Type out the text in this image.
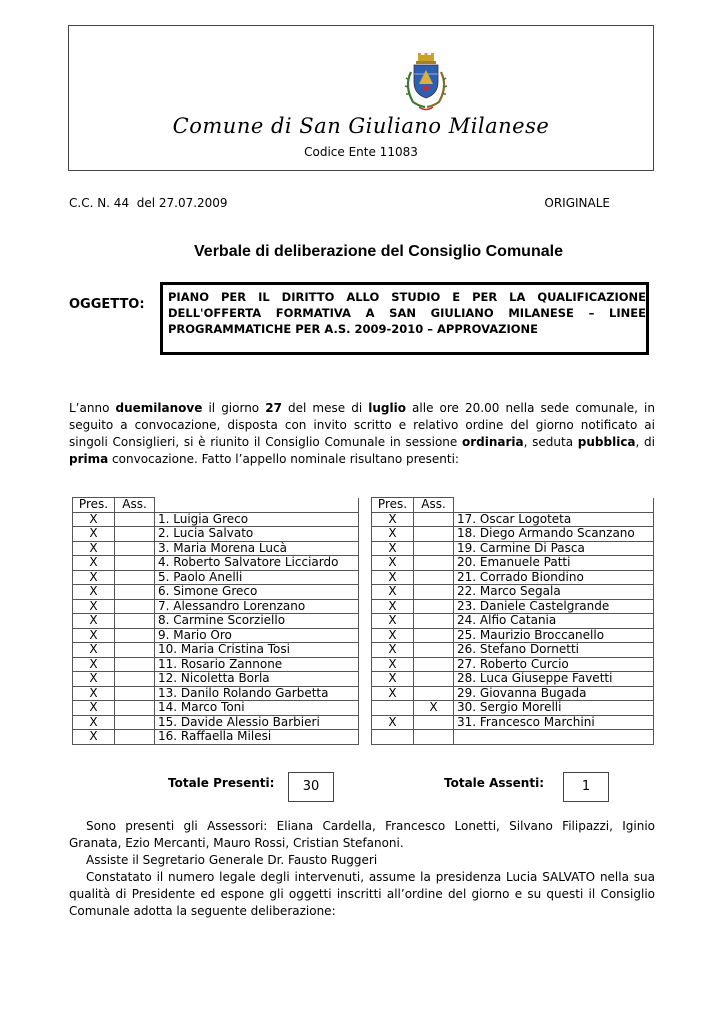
Comune di San Giuliano Milanese
Codice Ente 11083
C.C. N. 44  del 27.07.2009	ORIGINALE
Verbale di deliberazione del Consiglio Comunale
OGGETTO: PIANO PER IL DIRITTO ALLO STUDIO E PER LA QUALIFICAZIONE DELL'OFFERTA FORMATIVA A SAN GIULIANO MILANESE – LINEE PROGRAMMATICHE PER A.S. 2009-2010 – APPROVAZIONE
L’anno duemilanove il giorno 27 del mese di luglio alle ore 20.00 nella sede comunale, in seguito a convocazione, disposta con invito scritto e relativo ordine del giorno notificato ai singoli Consiglieri, si è riunito il Consiglio Comunale in sessione ordinaria, seduta pubblica, di prima convocazione. Fatto l’appello nominale risultano presenti:
Pres.	Ass.	
X		1. Luigia Greco
X		2. Lucia Salvato
X		3. Maria Morena Lucà
X		4. Roberto Salvatore Licciardo
X		5. Paolo Anelli
X		6. Simone Greco
X		7. Alessandro Lorenzano
X		8. Carmine Scorziello
X		9. Mario Oro
X		10. Maria Cristina Tosi
X		11. Rosario Zannone
X		12. Nicoletta Borla
X		13. Danilo Rolando Garbetta
X		14. Marco Toni
X		15. Davide Alessio Barbieri
X		16. Raffaella Milesi
Pres.	Ass.	
X		17. Oscar Logoteta
X		18. Diego Armando Scanzano
X		19. Carmine Di Pasca
X		20. Emanuele Patti
X		21. Corrado Biondino
X		22. Marco Segala
X		23. Daniele Castelgrande
X		24. Alfio Catania
X		25. Maurizio Broccanello
X		26. Stefano Dornetti
X		27. Roberto Curcio
X		28. Luca Giuseppe Favetti
X		29. Giovanna Bugada
	X	30. Sergio Morelli
X		31. Francesco Marchini

Totale Presenti:	30	Totale Assenti:	1

Sono presenti gli Assessori: Eliana Cardella, Francesco Lonetti, Silvano Filipazzi, Iginio Granata, Ezio Mercanti, Mauro Rossi, Cristian Stefanoni.

Assiste il Segretario Generale Dr. Fausto Ruggeri

Constatato il numero legale degli intervenuti, assume la presidenza Lucia SALVATO nella sua qualità di Presidente ed espone gli oggetti inscritti all’ordine del giorno e su questi il Consiglio Comunale adotta la seguente deliberazione:
